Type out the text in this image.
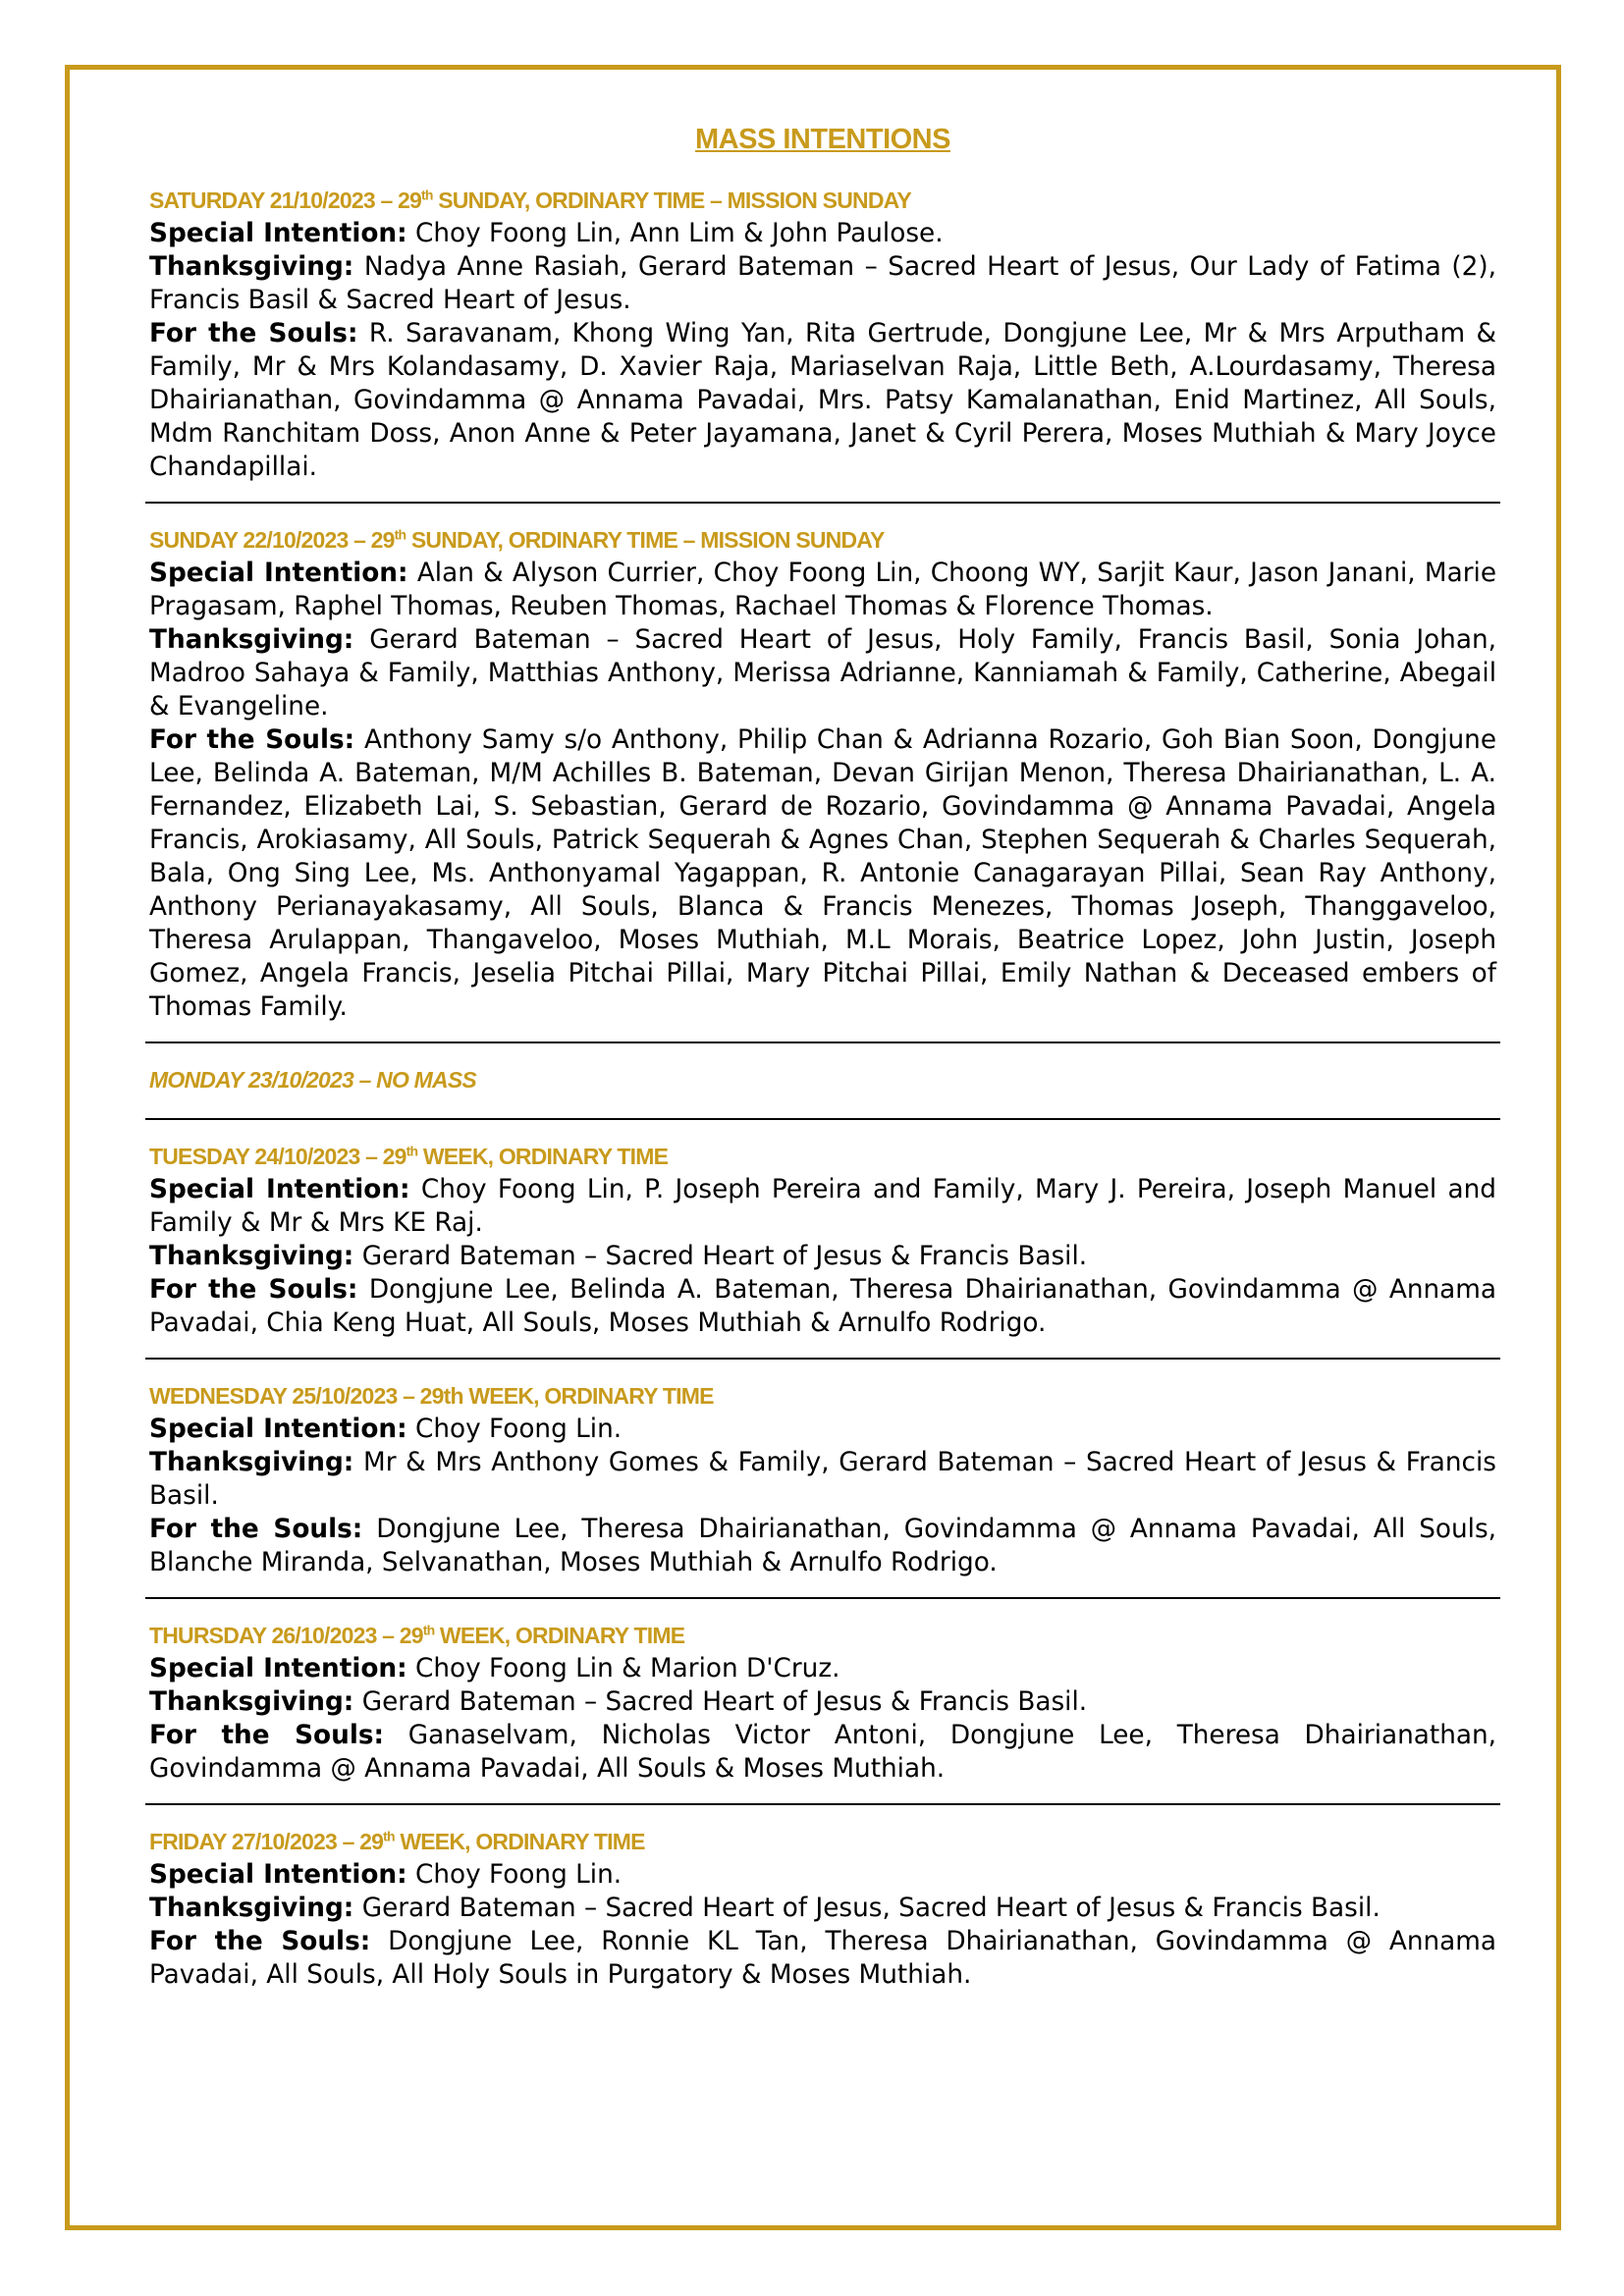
MASS INTENTIONS
SATURDAY 21/10/2023 – 29th SUNDAY, ORDINARY TIME – MISSION SUNDAY

Special Intention: Choy Foong Lin, Ann Lim & John Paulose.

Thanksgiving: Nadya Anne Rasiah, Gerard Bateman – Sacred Heart of Jesus, Our Lady of Fatima (2), Francis Basil & Sacred Heart of Jesus.

For the Souls: R. Saravanam, Khong Wing Yan, Rita Gertrude, Dongjune Lee, Mr & Mrs Arputham & Family, Mr & Mrs Kolandasamy, D. Xavier Raja, Mariaselvan Raja, Little Beth, A.Lourdasamy, Theresa Dhairianathan, Govindamma @ Annama Pavadai, Mrs. Patsy Kamalanathan, Enid Martinez, All Souls, Mdm Ranchitam Doss, Anon Anne & Peter Jayamana, Janet & Cyril Perera, Moses Muthiah & Mary Joyce Chandapillai.

SUNDAY 22/10/2023 – 29th SUNDAY, ORDINARY TIME – MISSION SUNDAY

Special Intention: Alan & Alyson Currier, Choy Foong Lin, Choong WY, Sarjit Kaur, Jason Janani, Marie Pragasam, Raphel Thomas, Reuben Thomas, Rachael Thomas & Florence Thomas.

Thanksgiving: Gerard Bateman – Sacred Heart of Jesus, Holy Family, Francis Basil, Sonia Johan, Madroo Sahaya & Family, Matthias Anthony, Merissa Adrianne, Kanniamah & Family, Catherine, Abegail & Evangeline.

For the Souls: Anthony Samy s/o Anthony, Philip Chan & Adrianna Rozario, Goh Bian Soon, Dongjune Lee, Belinda A. Bateman, M/M Achilles B. Bateman, Devan Girijan Menon, Theresa Dhairianathan, L. A. Fernandez, Elizabeth Lai, S. Sebastian, Gerard de Rozario, Govindamma @ Annama Pavadai, Angela Francis, Arokiasamy, All Souls, Patrick Sequerah & Agnes Chan, Stephen Sequerah & Charles Sequerah, Bala, Ong Sing Lee, Ms. Anthonyamal Yagappan, R. Antonie Canagarayan Pillai, Sean Ray Anthony, Anthony Perianayakasamy, All Souls, Blanca & Francis Menezes, Thomas Joseph, Thanggaveloo, Theresa Arulappan, Thangaveloo, Moses Muthiah, M.L Morais, Beatrice Lopez, John Justin, Joseph Gomez, Angela Francis, Jeselia Pitchai Pillai, Mary Pitchai Pillai, Emily Nathan & Deceased embers of Thomas Family.

MONDAY 23/10/2023 – NO MASS
TUESDAY 24/10/2023 – 29th WEEK, ORDINARY TIME

Special Intention: Choy Foong Lin, P. Joseph Pereira and Family, Mary J. Pereira, Joseph Manuel and Family & Mr & Mrs KE Raj.

Thanksgiving: Gerard Bateman – Sacred Heart of Jesus & Francis Basil.

For the Souls: Dongjune Lee, Belinda A. Bateman, Theresa Dhairianathan, Govindamma @ Annama Pavadai, Chia Keng Huat, All Souls, Moses Muthiah & Arnulfo Rodrigo.

WEDNESDAY 25/10/2023 – 29th WEEK, ORDINARY TIME

Special Intention: Choy Foong Lin.

Thanksgiving: Mr & Mrs Anthony Gomes & Family, Gerard Bateman – Sacred Heart of Jesus & Francis Basil.

For the Souls: Dongjune Lee, Theresa Dhairianathan, Govindamma @ Annama Pavadai, All Souls, Blanche Miranda, Selvanathan, Moses Muthiah & Arnulfo Rodrigo.

THURSDAY 26/10/2023 – 29th WEEK, ORDINARY TIME

Special Intention: Choy Foong Lin & Marion D'Cruz.

Thanksgiving: Gerard Bateman – Sacred Heart of Jesus & Francis Basil.

For the Souls: Ganaselvam, Nicholas Victor Antoni, Dongjune Lee, Theresa Dhairianathan, Govindamma @ Annama Pavadai, All Souls & Moses Muthiah.

FRIDAY 27/10/2023 – 29th WEEK, ORDINARY TIME

Special Intention: Choy Foong Lin.

Thanksgiving: Gerard Bateman – Sacred Heart of Jesus, Sacred Heart of Jesus & Francis Basil.

For the Souls: Dongjune Lee, Ronnie KL Tan, Theresa Dhairianathan, Govindamma @ Annama Pavadai, All Souls, All Holy Souls in Purgatory & Moses Muthiah.
